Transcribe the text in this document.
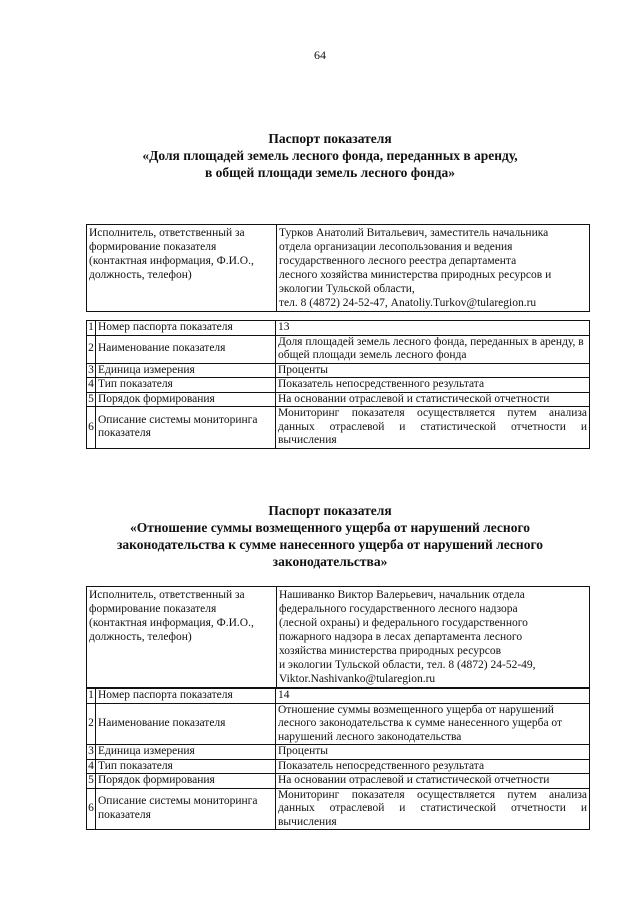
64
Паспорт показателя
«Доля площадей земель лесного фонда, переданных в аренду,
в общей площади земель лесного фонда»
Исполнитель, ответственный за
формирование показателя
(контактная информация, Ф.И.О.,
должность, телефон)

Турков Анатолий Витальевич, заместитель начальника
отдела организации лесопользования и ведения
государственного лесного реестра департамента
лесного хозяйства министерства природных ресурсов и
экологии Тульской области,
тел. 8 (4872) 24-52-47, Anatoliy.Turkov@tularegion.ru
1	Номер паспорта показателя	13
2	Наименование показателя	Доля площадей земель лесного фонда, переданных в аренду, в общей площади земель лесного фонда
3	Единица измерения	Проценты
4	Тип показателя	Показатель непосредственного результата
5	Порядок формирования	На основании отраслевой и статистической отчетности
6	Описание системы мониторинга показателя	Мониторинг показателя осуществляется путем анализа данных отраслевой и статистической отчетности и вычисления
Паспорт показателя
«Отношение суммы возмещенного ущерба от нарушений лесного
законодательства к сумме нанесенного ущерба от нарушений лесного
законодательства»
Исполнитель, ответственный за
формирование показателя
(контактная информация, Ф.И.О.,
должность, телефон)

Нашиванко Виктор Валерьевич, начальник отдела
федерального государственного лесного надзора
(лесной охраны) и федерального государственного
пожарного надзора в лесах департамента лесного
хозяйства министерства природных ресурсов
и экологии Тульской области, тел. 8 (4872) 24-52-49,
Viktor.Nashivanko@tularegion.ru
1	Номер паспорта показателя	14
2	Наименование показателя	Отношение суммы возмещенного ущерба от нарушений лесного законодательства к сумме нанесенного ущерба от нарушений лесного законодательства
3	Единица измерения	Проценты
4	Тип показателя	Показатель непосредственного результата
5	Порядок формирования	На основании отраслевой и статистической отчетности
6	Описание системы мониторинга показателя	Мониторинг показателя осуществляется путем анализа данных отраслевой и статистической отчетности и вычисления
